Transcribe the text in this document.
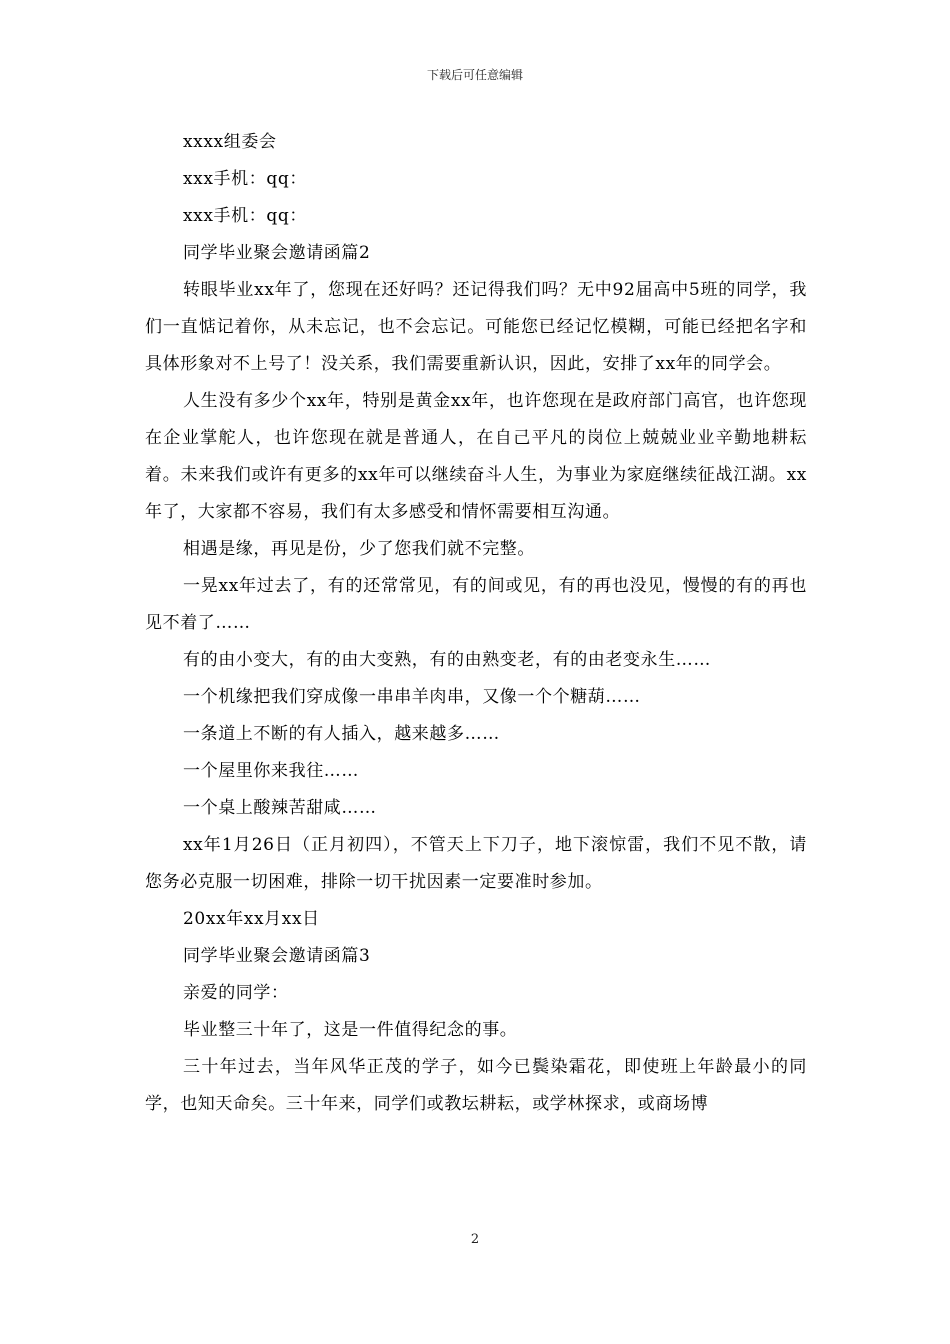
下载后可任意编辑

xxxx组委会

xxx手机：qq：

xxx手机：qq：

同学毕业聚会邀请函篇2

转眼毕业xx年了，您现在还好吗？还记得我们吗？无中92届高中5班的同学，我们一直惦记着你，从未忘记，也不会忘记。可能您已经记忆模糊，可能已经把名字和具体形象对不上号了！没关系，我们需要重新认识，因此，安排了xx年的同学会。

人生没有多少个xx年，特别是黄金xx年，也许您现在是政府部门高官，也许您现在企业掌舵人，也许您现在就是普通人，在自己平凡的岗位上兢兢业业辛勤地耕耘着。未来我们或许有更多的xx年可以继续奋斗人生，为事业为家庭继续征战江湖。xx年了，大家都不容易，我们有太多感受和情怀需要相互沟通。

相遇是缘，再见是份，少了您我们就不完整。

一晃xx年过去了，有的还常常见，有的间或见，有的再也没见，慢慢的有的再也见不着了……

有的由小变大，有的由大变熟，有的由熟变老，有的由老变永生……

一个机缘把我们穿成像一串串羊肉串，又像一个个糖葫……

一条道上不断的有人插入，越来越多……

一个屋里你来我往……

一个桌上酸辣苦甜咸……

xx年1月26日（正月初四），不管天上下刀子，地下滚惊雷，我们不见不散，请您务必克服一切困难，排除一切干扰因素一定要准时参加。

20xx年xx月xx日

同学毕业聚会邀请函篇3

亲爱的同学：

毕业整三十年了，这是一件值得纪念的事。

三十年过去，当年风华正茂的学子，如今已鬓染霜花，即使班上年龄最小的同学，也知天命矣。三十年来，同学们或教坛耕耘，或学林探求，或商场博

2
